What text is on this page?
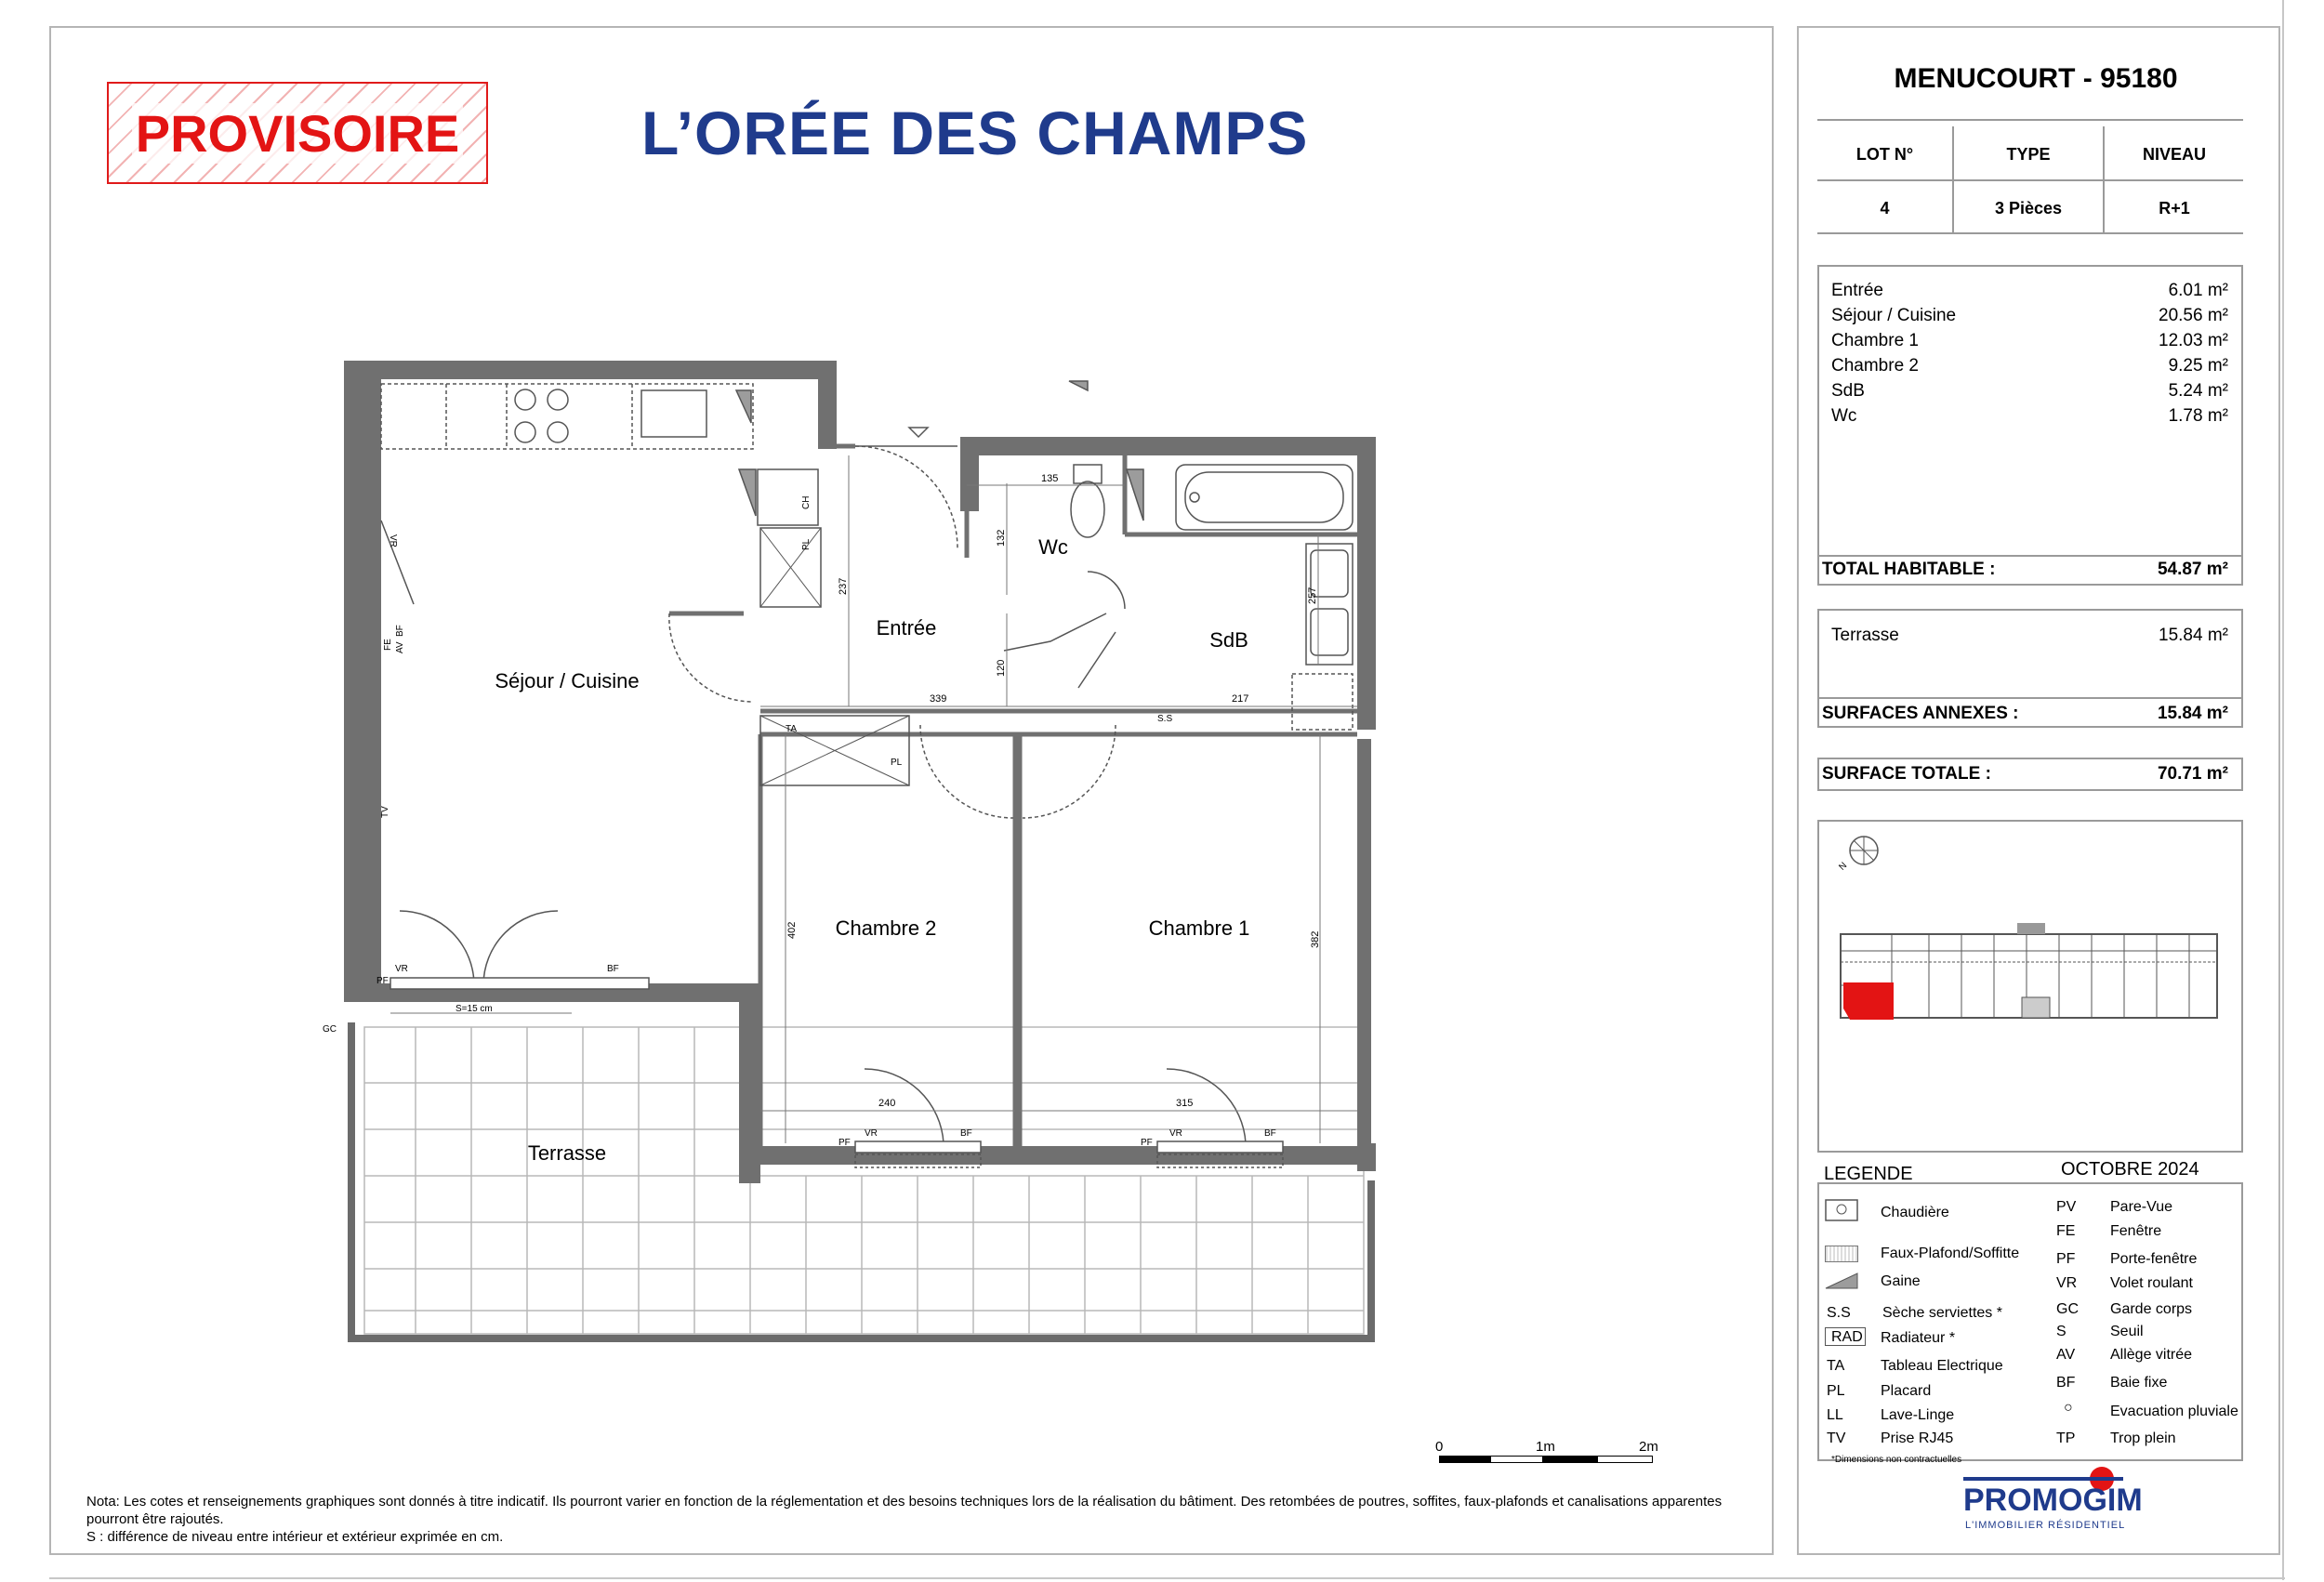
PROVISOIRE	L’ORÉE DES CHAMPS
Séjour / Cuisine
Entrée
Wc
SdB
Chambre 2	Chambre 1
Terrasse
339	217
135
237
132
120
257
402
382
240	315
VR	BF
PF
S=15 cm
GC
VR	BF
PF
VR	BF
PF
TA
PL
PL
CH
S.S
TV
VR
FE
BF
AV
0	1m	2m
Nota: Les cotes et renseignements graphiques sont donnés à titre indicatif. Ils pourront varier en fonction de la réglementation et des besoins techniques lors de la réalisation du bâtiment. Des retombées de poutres, soffites, faux-plafonds et canalisations apparentes pourront être rajoutés.
S : différence de niveau entre intérieur et extérieur exprimée en cm.
MENUCOURT - 95180
LOT N°	TYPE	NIVEAU
4	3 Pièces	R+1
Entrée	6.01 m²
Séjour / Cuisine	20.56 m²
Chambre 1	12.03 m²
Chambre 2	9.25 m²
SdB	5.24 m²
Wc	1.78 m²
TOTAL HABITABLE :	54.87 m²
Terrasse	15.84 m²
SURFACES ANNEXES :	15.84 m²
SURFACE TOTALE :	70.71 m²
N
LEGENDE	OCTOBRE 2024
Chaudière
Faux-Plafond/Soffitte
Gaine
S.S Sèche serviettes *
RAD Radiateur *
TA Tableau Electrique
PL Placard
LL	Lave-Linge
TV Prise RJ45
PV Pare-Vue
FE Fenêtre
PF Porte-fenêtre
VR Volet roulant
GC Garde corps
S	Seuil
AV Allège vitrée
BF Baie fixe
○	Evacuation pluviale
TP Trop plein
*Dimensions non contractuelles
PROMOGIM
L'IMMOBILIER RÉSIDENTIEL
